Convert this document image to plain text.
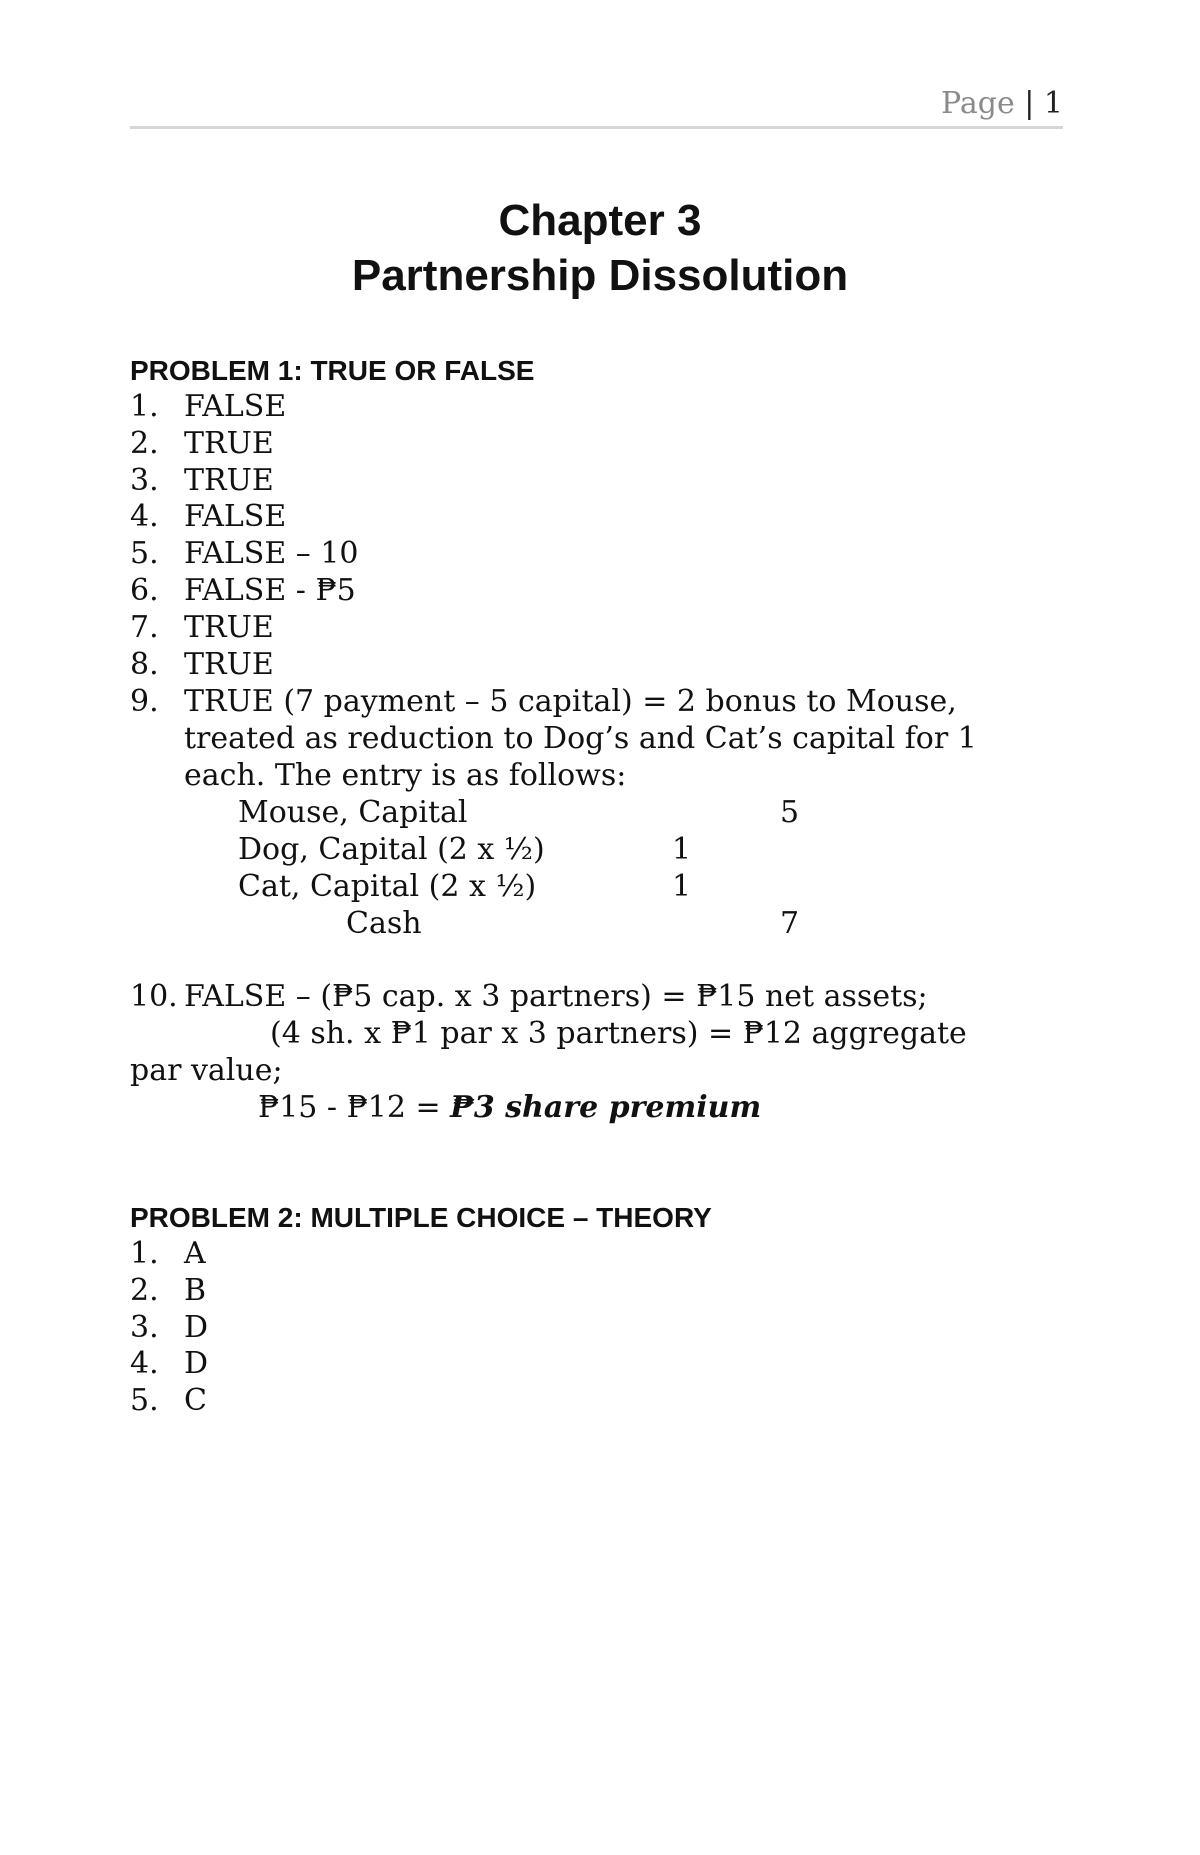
Page | 1
Chapter 3
Partnership Dissolution
PROBLEM 1: TRUE OR FALSE
1. FALSE
2. TRUE
3. TRUE
4. FALSE
5. FALSE – 10
6. FALSE - ₱5
7. TRUE
8. TRUE
9. TRUE (7 payment – 5 capital) = 2 bonus to Mouse,
treated as reduction to Dog’s and Cat’s capital for 1
each. The entry is as follows:
Mouse, Capital	5
Dog, Capital (2 x ½)	1
Cat, Capital (2 x ½)	1
Cash	7
10. FALSE – (₱5 cap. x 3 partners) = ₱15 net assets;
(4 sh. x ₱1 par x 3 partners) = ₱12 aggregate
par value;
₱15 - ₱12 = ₱3 share premium
PROBLEM 2: MULTIPLE CHOICE – THEORY
1. A
2. B
3. D
4. D
5. C
